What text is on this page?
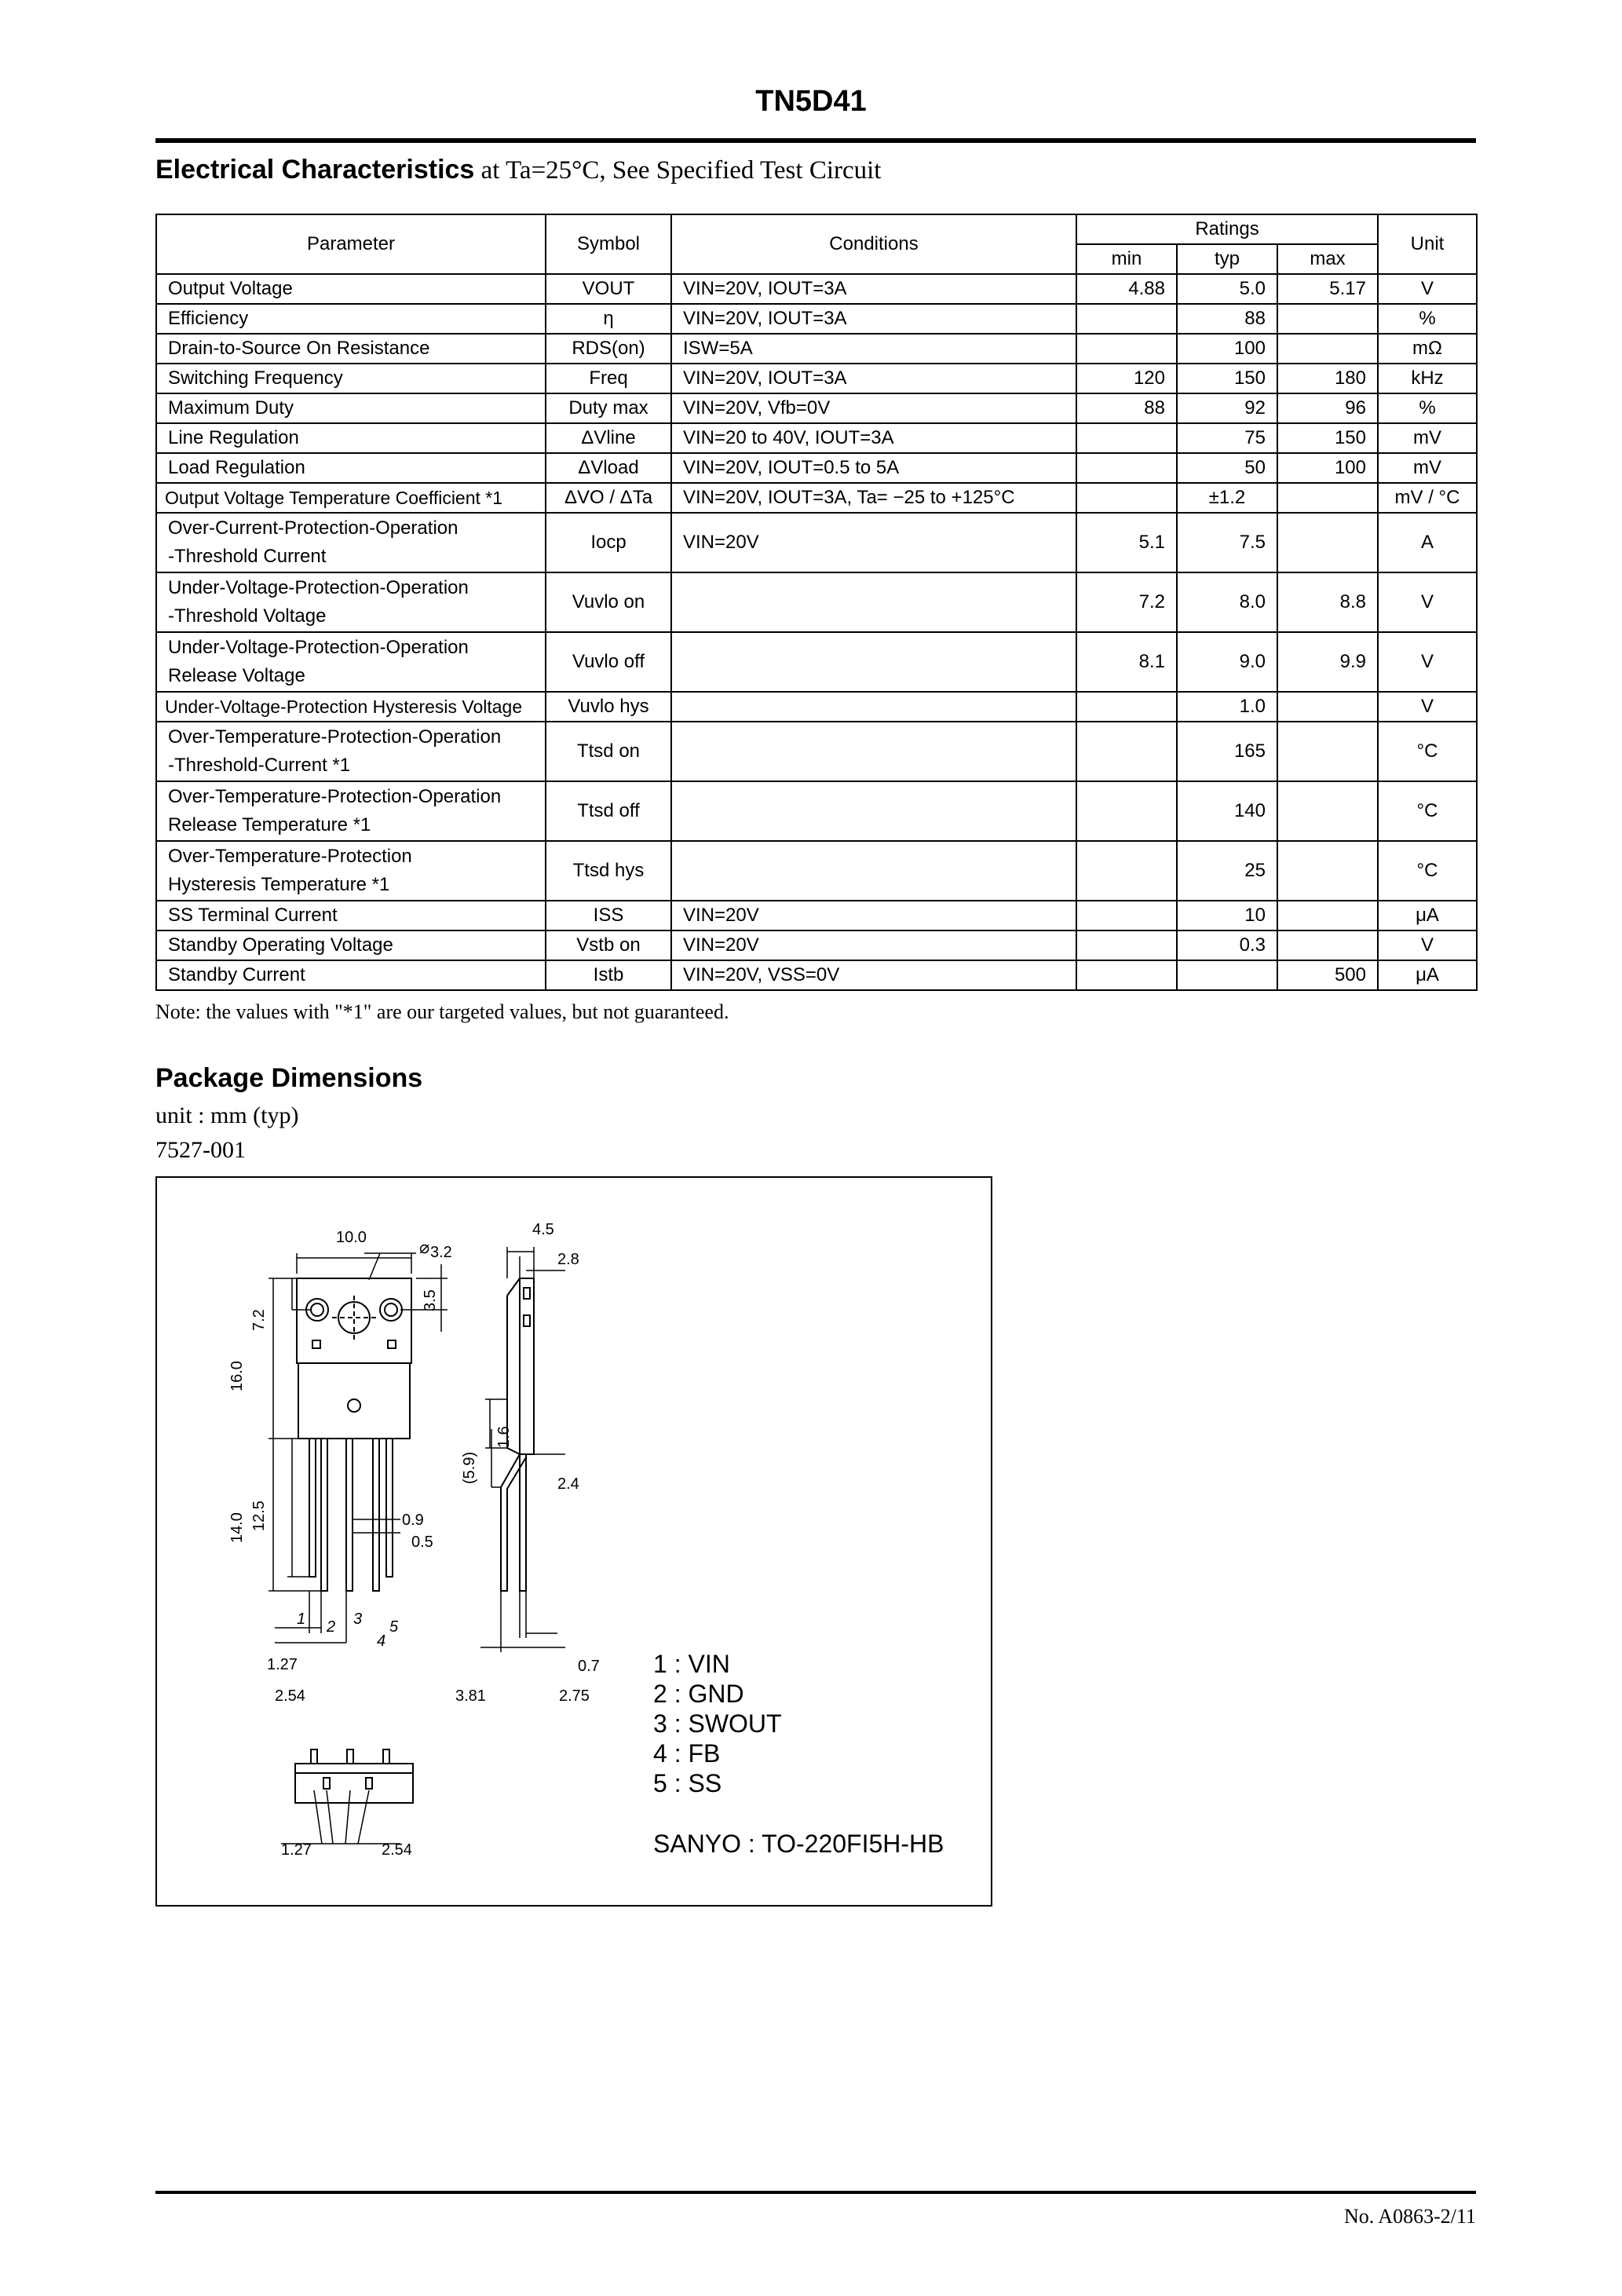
TN5D41
Electrical Characteristics at Ta=25°C, See Specified Test Circuit
Parameter	Symbol	Conditions	Ratings			Unit
			min	typ	max	
Output Voltage	VOUT	VIN=20V, IOUT=3A	4.88	5.0	5.17	V
Efficiency	η	VIN=20V, IOUT=3A		88		%
Drain-to-Source On Resistance	RDS(on)	ISW=5A		100		mΩ
Switching Frequency	Freq	VIN=20V, IOUT=3A	120	150	180	kHz
Maximum Duty	Duty max	VIN=20V, Vfb=0V	88	92	96	%
Line Regulation	ΔVline	VIN=20 to 40V, IOUT=3A		75	150	mV
Load Regulation	ΔVload	VIN=20V, IOUT=0.5 to 5A		50	100	mV
Output Voltage Temperature Coefficient *1	ΔVO / ΔTa	VIN=20V, IOUT=3A, Ta= −25 to +125°C		±1.2		mV / °C

Over-Current-Protection-Operation
-Threshold Current	Iocp	VIN=20V	5.1	7.5		A

Under-Voltage-Protection-Operation
-Threshold Voltage	Vuvlo on		7.2	8.0	8.8	V

Under-Voltage-Protection-Operation
Release Voltage	Vuvlo off		8.1	9.0	9.9	V
Under-Voltage-Protection Hysteresis Voltage	Vuvlo hys			1.0		V

Over-Temperature-Protection-Operation
-Threshold-Current *1	Ttsd on			165		°C

Over-Temperature-Protection-Operation
Release Temperature *1	Ttsd off			140		°C

Over-Temperature-Protection
Hysteresis Temperature *1	Ttsd hys			25		°C
SS Terminal Current	ISS	VIN=20V		10		μA
Standby Operating Voltage	Vstb on	VIN=20V		0.3		V
Standby Current	Istb	VIN=20V, VSS=0V			500	μA
Note: the values with "*1" are our targeted values, but not guaranteed.
Package Dimensions
unit : mm (typ)
7527-001
10.0
3.2
⌀
3.5
7.2
16.0
14.0 12.5	0.9
0.5
1 2 3
4
5
1.27
2.54
4.5
2.8
1.6
2.4
(5.9)
0.7
3.81	2.75
1.27	2.54
1 : VIN
2 : GND
3 : SWOUT
4 : FB
5 : SS
SANYO : TO-220FI5H-HB
No. A0863-2/11
